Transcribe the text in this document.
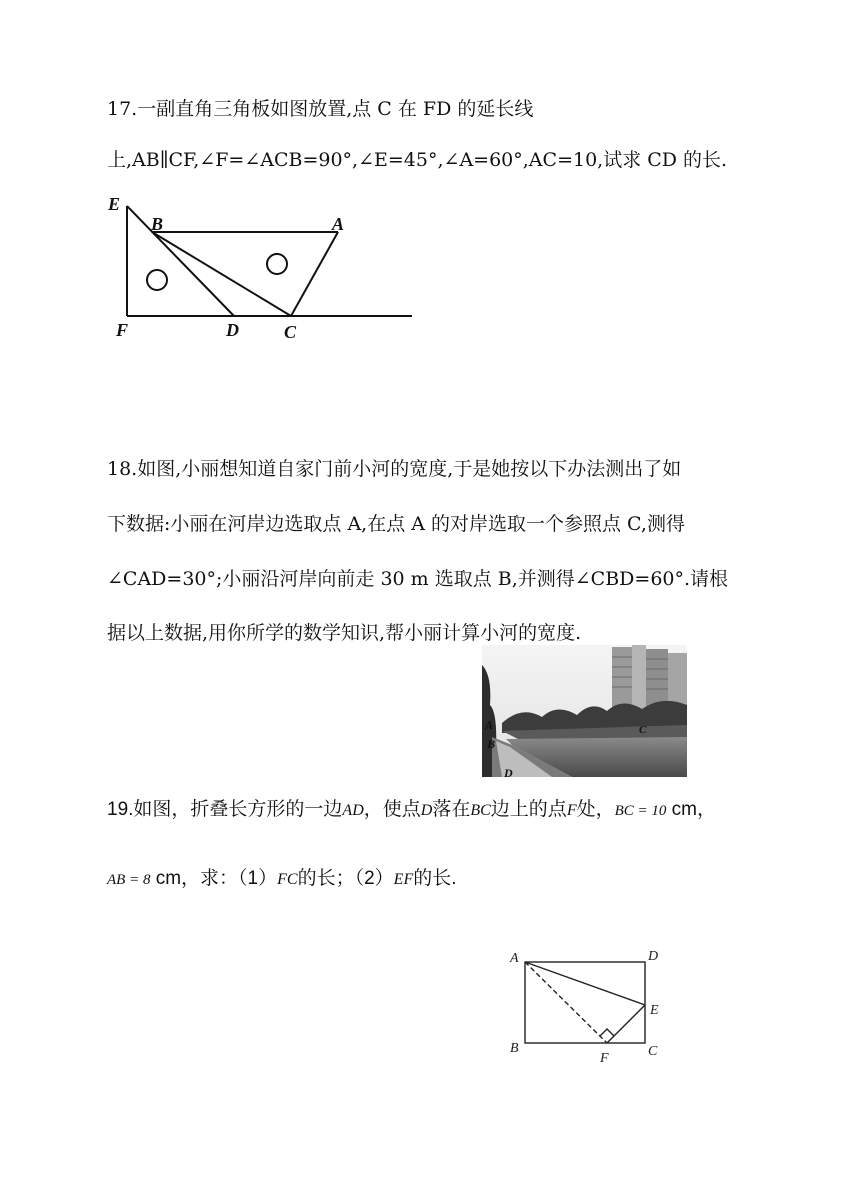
17.一副直角三角板如图放置,点 C 在 FD 的延长线
上,AB∥CF,∠F=∠ACB=90°,∠E=45°,∠A=60°,AC=10,试求 CD 的长.
E
B	A
F	D	C
18.如图,小丽想知道自家门前小河的宽度,于是她按以下办法测出了如
下数据:小丽在河岸边选取点 A,在点 A 的对岸选取一个参照点 C,测得
∠CAD=30°;小丽沿河岸向前走 30 m 选取点 B,并测得∠CBD=60°.请根
据以上数据,用你所学的数学知识,帮小丽计算小河的宽度.
A
B
C
D
19.如图，折叠长方形的一边AD，使点D落在BC边上的点F处，BC = 10 cm，
AB = 8 cm，求：（1）FC的长；（2）EF的长.
A	D
E
B
F	C
